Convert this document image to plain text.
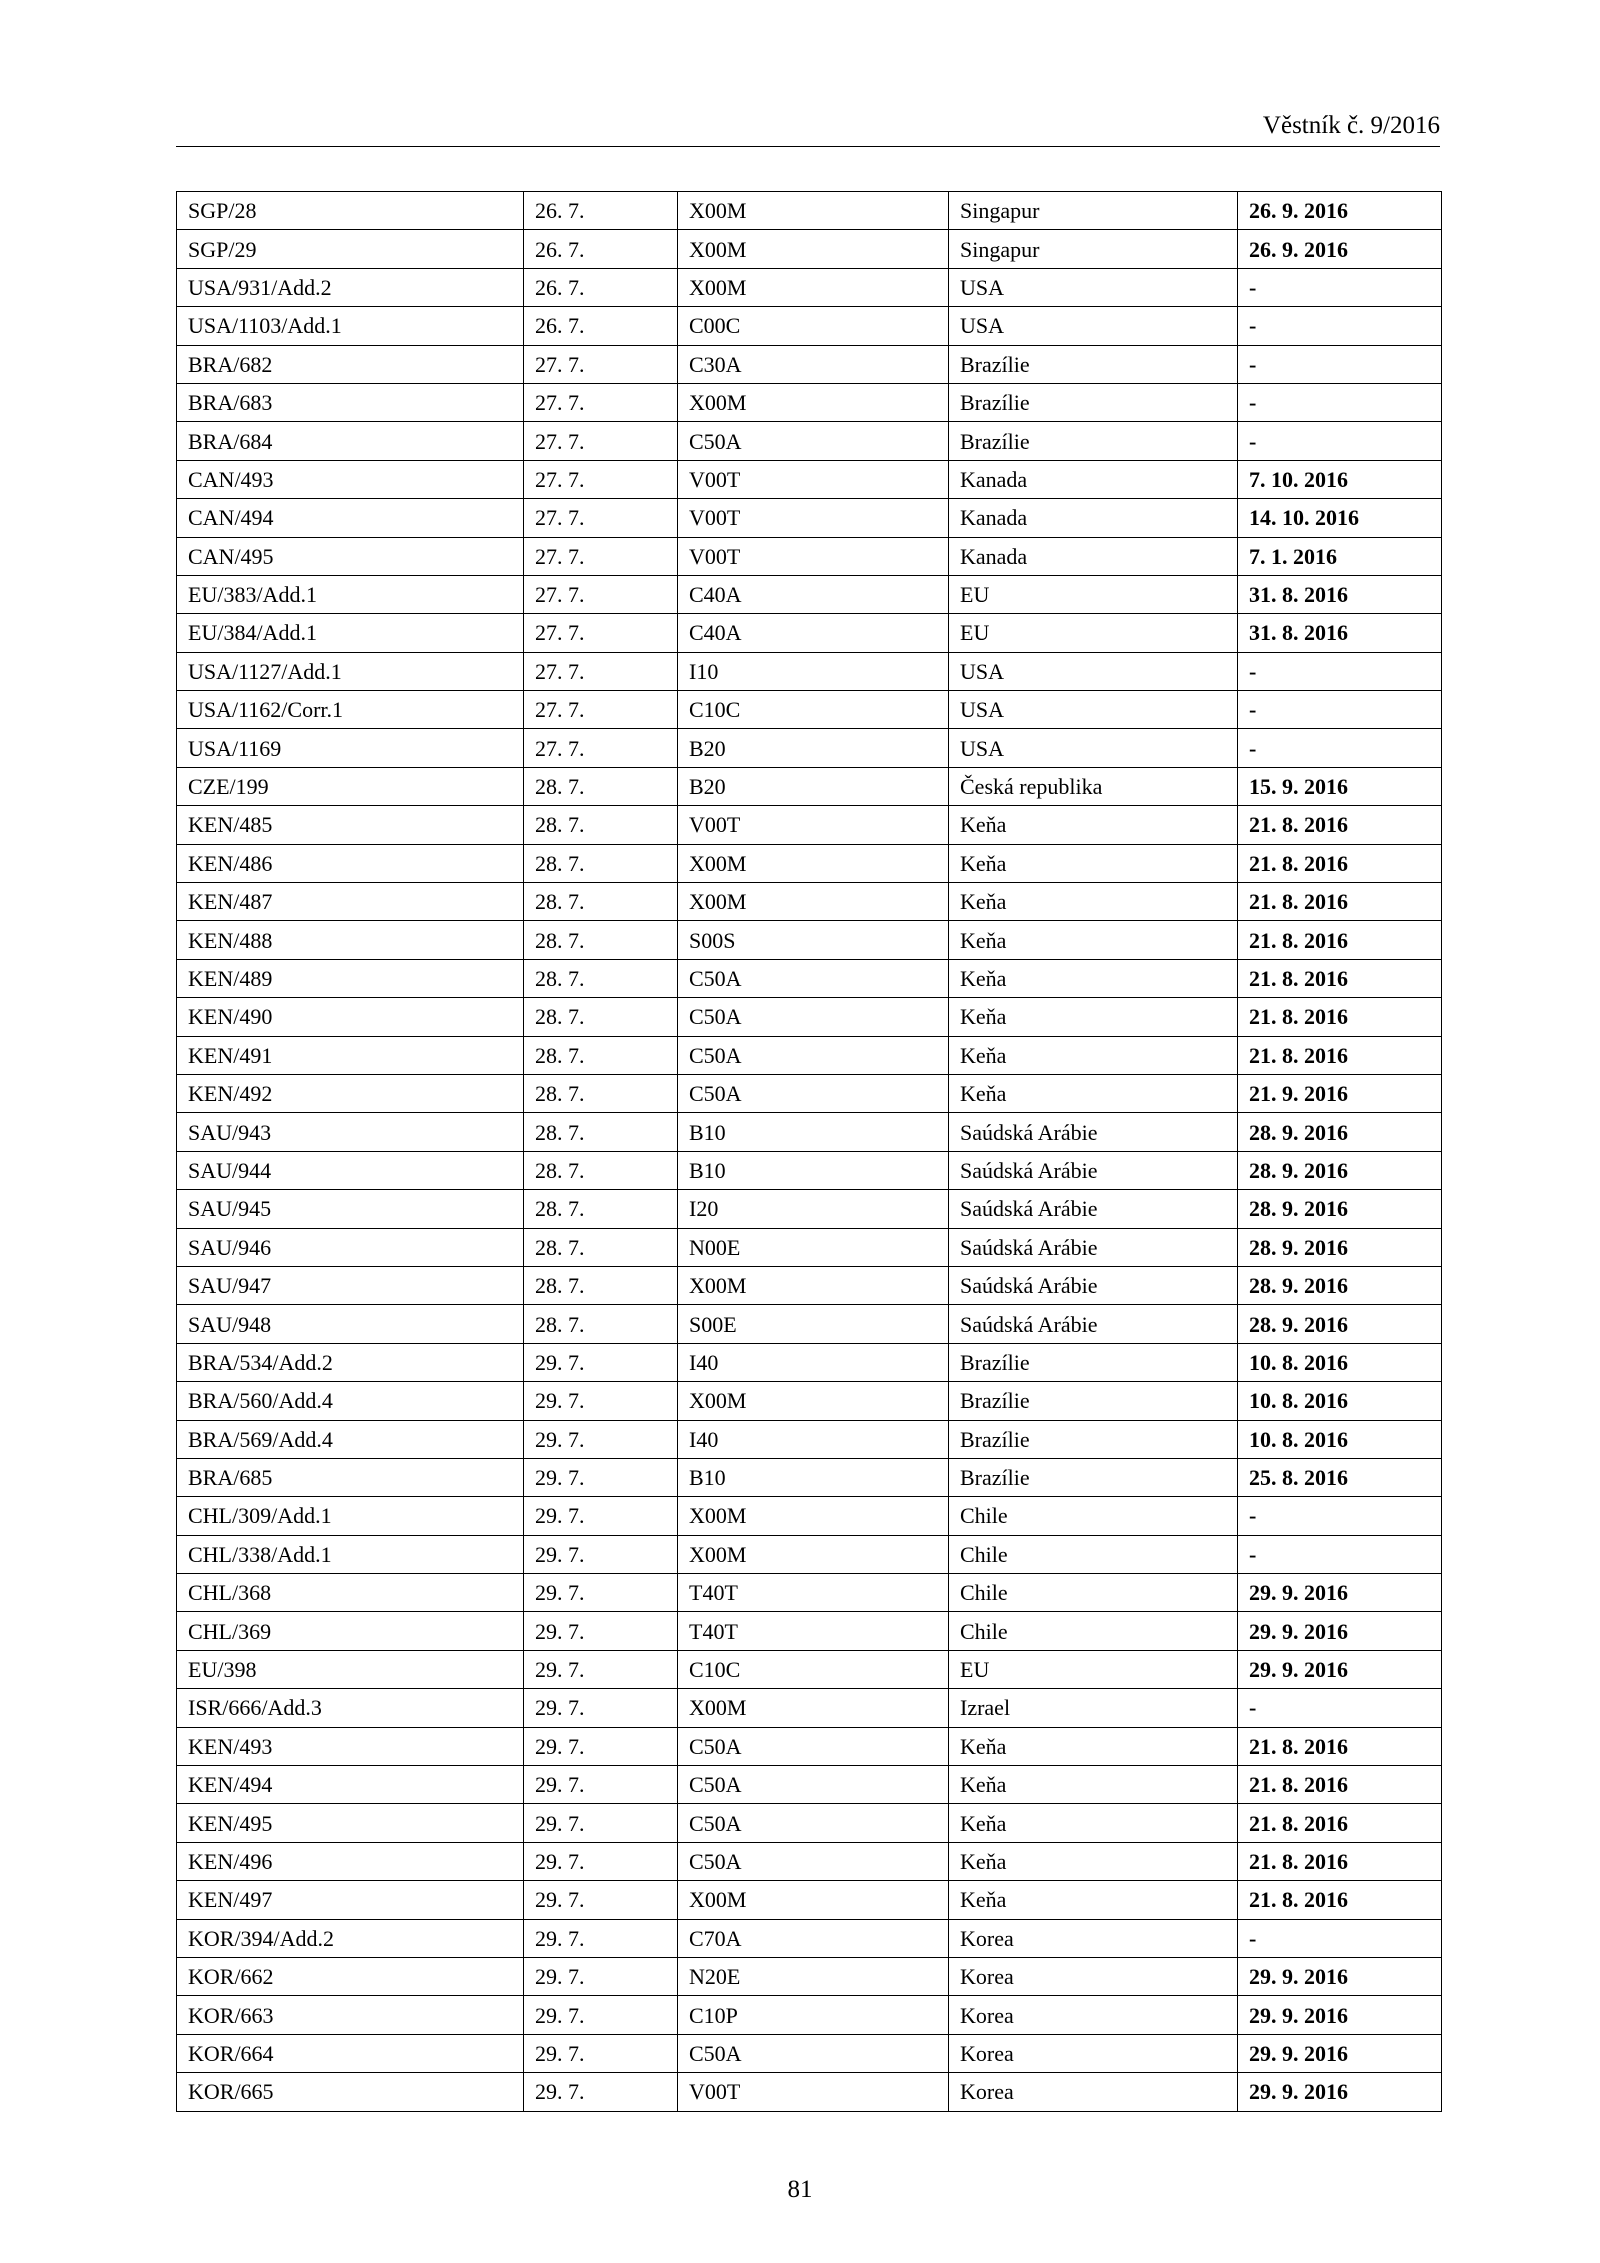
Věstník č. 9/2016
SGP/28	26. 7.	X00M	Singapur	26. 9. 2016
SGP/29	26. 7.	X00M	Singapur	26. 9. 2016
USA/931/Add.2	26. 7.	X00M	USA	-
USA/1103/Add.1	26. 7.	C00C	USA	-
BRA/682	27. 7.	C30A	Brazílie	-
BRA/683	27. 7.	X00M	Brazílie	-
BRA/684	27. 7.	C50A	Brazílie	-
CAN/493	27. 7.	V00T	Kanada	7. 10. 2016
CAN/494	27. 7.	V00T	Kanada	14. 10. 2016
CAN/495	27. 7.	V00T	Kanada	7. 1. 2016
EU/383/Add.1	27. 7.	C40A	EU	31. 8. 2016
EU/384/Add.1	27. 7.	C40A	EU	31. 8. 2016
USA/1127/Add.1	27. 7.	I10	USA	-
USA/1162/Corr.1	27. 7.	C10C	USA	-
USA/1169	27. 7.	B20	USA	-
CZE/199	28. 7.	B20	Česká republika	15. 9. 2016
KEN/485	28. 7.	V00T	Keňa	21. 8. 2016
KEN/486	28. 7.	X00M	Keňa	21. 8. 2016
KEN/487	28. 7.	X00M	Keňa	21. 8. 2016
KEN/488	28. 7.	S00S	Keňa	21. 8. 2016
KEN/489	28. 7.	C50A	Keňa	21. 8. 2016
KEN/490	28. 7.	C50A	Keňa	21. 8. 2016
KEN/491	28. 7.	C50A	Keňa	21. 8. 2016
KEN/492	28. 7.	C50A	Keňa	21. 9. 2016
SAU/943	28. 7.	B10	Saúdská Arábie	28. 9. 2016
SAU/944	28. 7.	B10	Saúdská Arábie	28. 9. 2016
SAU/945	28. 7.	I20	Saúdská Arábie	28. 9. 2016
SAU/946	28. 7.	N00E	Saúdská Arábie	28. 9. 2016
SAU/947	28. 7.	X00M	Saúdská Arábie	28. 9. 2016
SAU/948	28. 7.	S00E	Saúdská Arábie	28. 9. 2016
BRA/534/Add.2	29. 7.	I40	Brazílie	10. 8. 2016
BRA/560/Add.4	29. 7.	X00M	Brazílie	10. 8. 2016
BRA/569/Add.4	29. 7.	I40	Brazílie	10. 8. 2016
BRA/685	29. 7.	B10	Brazílie	25. 8. 2016
CHL/309/Add.1	29. 7.	X00M	Chile	-
CHL/338/Add.1	29. 7.	X00M	Chile	-
CHL/368	29. 7.	T40T	Chile	29. 9. 2016
CHL/369	29. 7.	T40T	Chile	29. 9. 2016
EU/398	29. 7.	C10C	EU	29. 9. 2016
ISR/666/Add.3	29. 7.	X00M	Izrael	-
KEN/493	29. 7.	C50A	Keňa	21. 8. 2016
KEN/494	29. 7.	C50A	Keňa	21. 8. 2016
KEN/495	29. 7.	C50A	Keňa	21. 8. 2016
KEN/496	29. 7.	C50A	Keňa	21. 8. 2016
KEN/497	29. 7.	X00M	Keňa	21. 8. 2016
KOR/394/Add.2	29. 7.	C70A	Korea	-
KOR/662	29. 7.	N20E	Korea	29. 9. 2016
KOR/663	29. 7.	C10P	Korea	29. 9. 2016
KOR/664	29. 7.	C50A	Korea	29. 9. 2016
KOR/665	29. 7.	V00T	Korea	29. 9. 2016
81
